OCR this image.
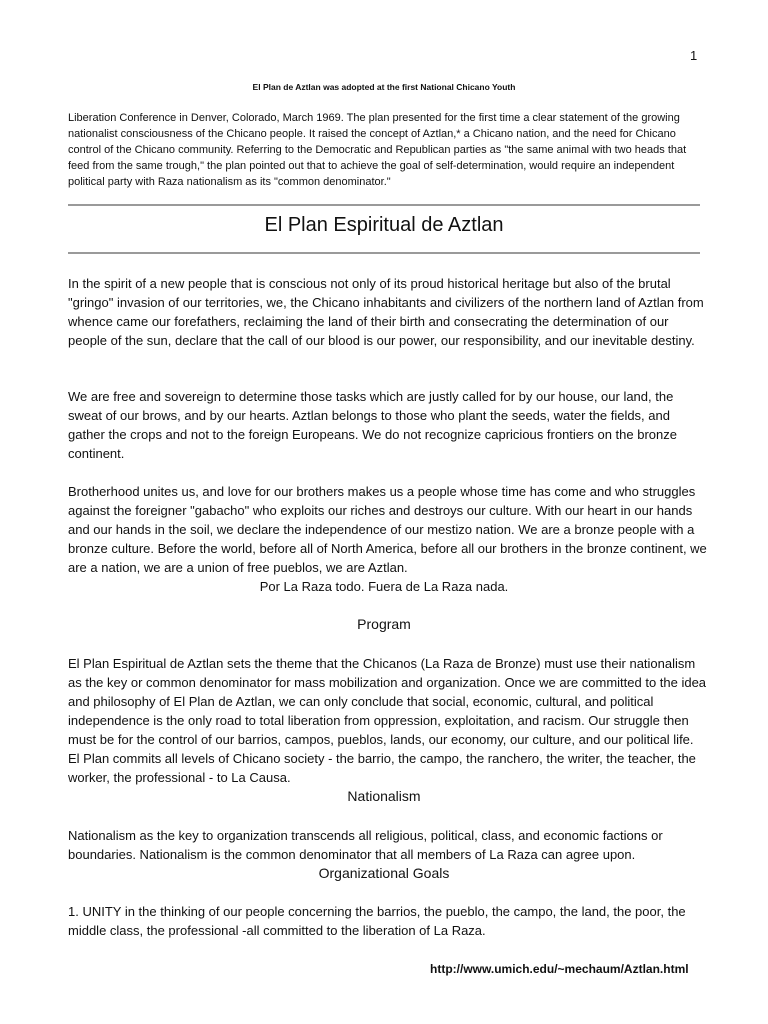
1
El Plan de Aztlan was adopted at the first National Chicano Youth
Liberation Conference in Denver, Colorado, March 1969. The plan presented for the first time a clear statement of the growing nationalist consciousness of the Chicano people. It raised the concept of Aztlan,* a Chicano nation, and the need for Chicano control of the Chicano community. Referring to the Democratic and Republican parties as "the same animal with two heads that feed from the same trough," the plan pointed out that to achieve the goal of self-determination, would require an independent political party with Raza nationalism as its "common denominator."
El Plan Espiritual de Aztlan

In the spirit of a new people that is conscious not only of its proud historical heritage but also of the brutal "gringo" invasion of our territories, we, the Chicano inhabitants and civilizers of the northern land of Aztlan from whence came our forefathers, reclaiming the land of their birth and consecrating the determination of our people of the sun, declare that the call of our blood is our power, our responsibility, and our inevitable destiny.

We are free and sovereign to determine those tasks which are justly called for by our house, our land, the sweat of our brows, and by our hearts. Aztlan belongs to those who plant the seeds, water the fields, and gather the crops and not to the foreign Europeans. We do not recognize capricious frontiers on the bronze continent.

Brotherhood unites us, and love for our brothers makes us a people whose time has come and who struggles against the foreigner "gabacho" who exploits our riches and destroys our culture. With our heart in our hands and our hands in the soil, we declare the independence of our mestizo nation. We are a bronze people with a bronze culture. Before the world, before all of North America, before all our brothers in the bronze continent, we are a nation, we are a union of free pueblos, we are Aztlan.

Por La Raza todo. Fuera de La Raza nada.
Program

El Plan Espiritual de Aztlan sets the theme that the Chicanos (La Raza de Bronze) must use their nationalism as the key or common denominator for mass mobilization and organization. Once we are committed to the idea and philosophy of El Plan de Aztlan, we can only conclude that social, economic, cultural, and political independence is the only road to total liberation from oppression, exploitation, and racism. Our struggle then must be for the control of our barrios, campos, pueblos, lands, our economy, our culture, and our political life. El Plan commits all levels of Chicano society - the barrio, the campo, the ranchero, the writer, the teacher, the worker, the professional - to La Causa.

Nationalism

Nationalism as the key to organization transcends all religious, political, class, and economic factions or boundaries. Nationalism is the common denominator that all members of La Raza can agree upon.

Organizational Goals

1. UNITY in the thinking of our people concerning the barrios, the pueblo, the campo, the land, the poor, the middle class, the professional -all committed to the liberation of La Raza.

http://www.umich.edu/~mechaum/Aztlan.html
